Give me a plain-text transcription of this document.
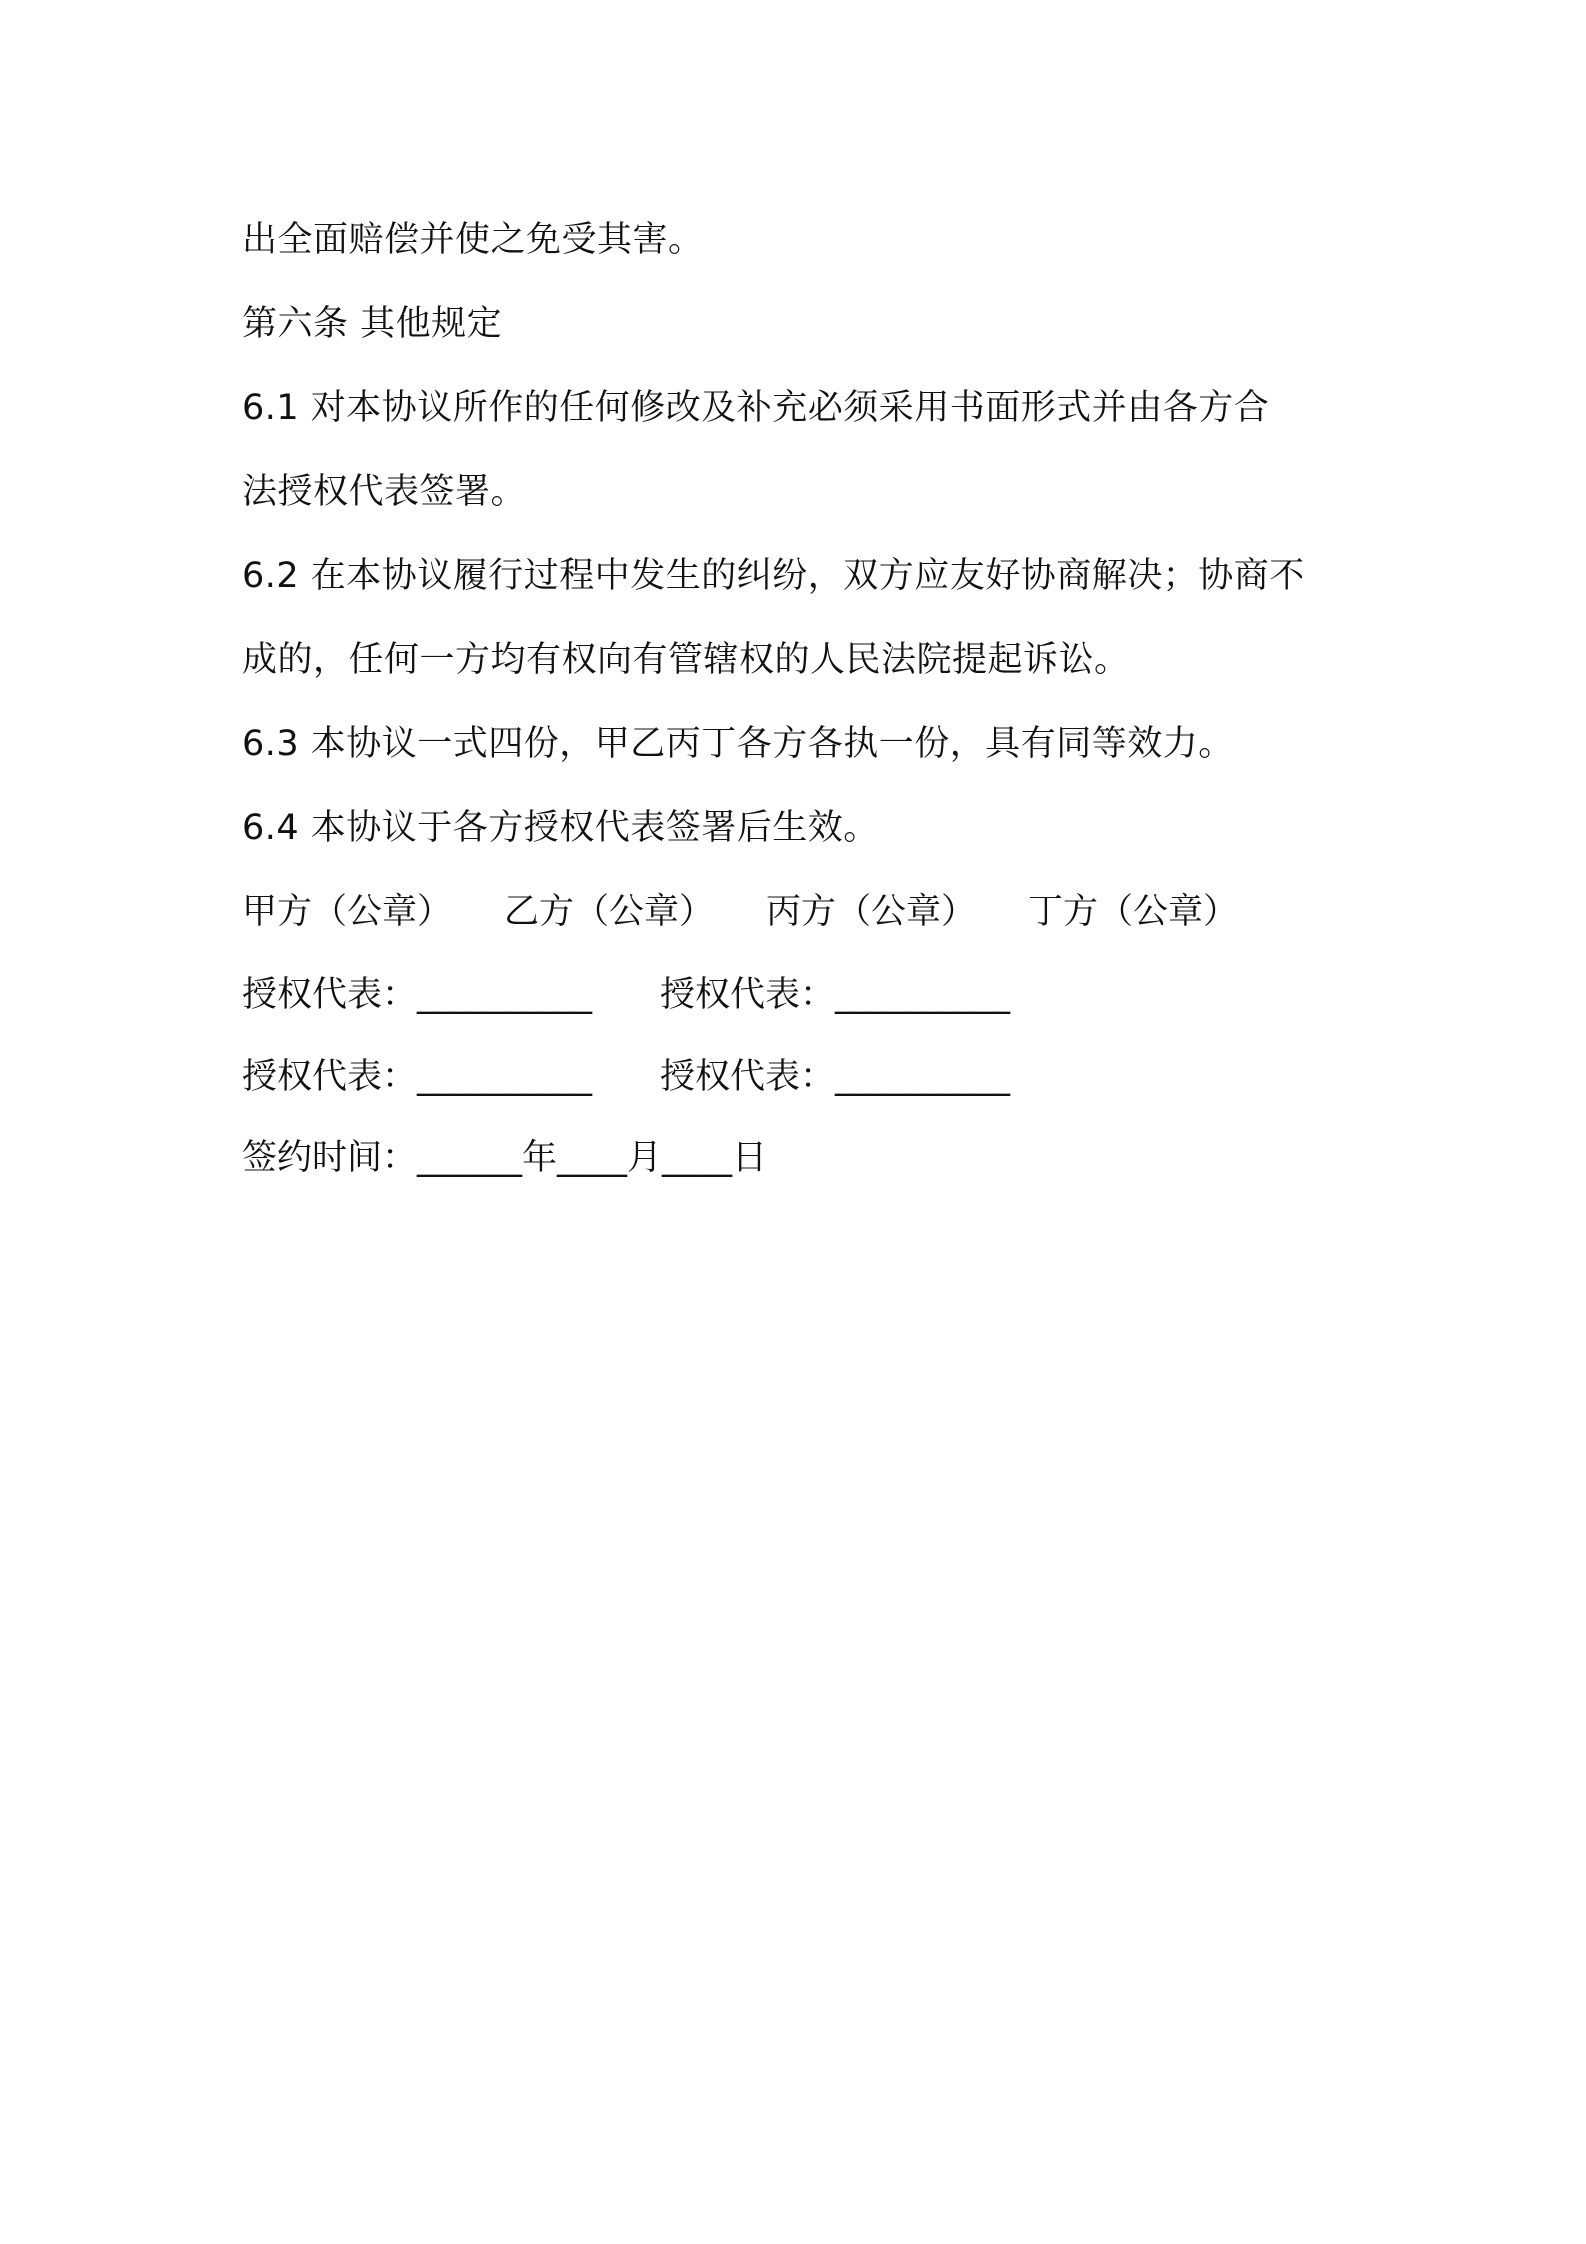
出全面赔偿并使之免受其害。
第六条 其他规定
6.1 对本协议所作的任何修改及补充必须采用书面形式并由各方合
法授权代表签署。
6.2 在本协议履行过程中发生的纠纷，双方应友好协商解决；协商不
成的，任何一方均有权向有管辖权的人民法院提起诉讼。
6.3 本协议一式四份，甲乙丙丁各方各执一份，具有同等效力。
6.4 本协议于各方授权代表签署后生效。
甲方（公章）	乙方（公章）	丙方（公章）	丁方（公章）
授权代表：__________	授权代表：__________
授权代表：__________	授权代表：__________
签约时间：______年____月____日
